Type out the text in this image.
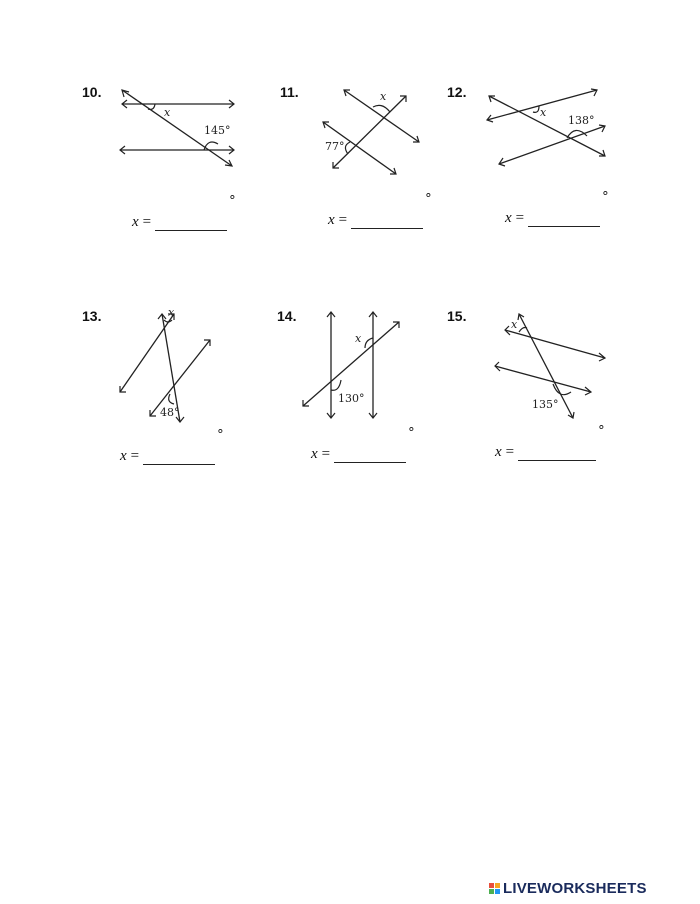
10.
x
145°
x =
°
11.	x
77°
x =
°
12.
x
138°
x =
°
13.	x
48°
x =
°
14.
x
130°
x =
°
15.
x
135°
x =
°
LIVEWORKSHEETS
